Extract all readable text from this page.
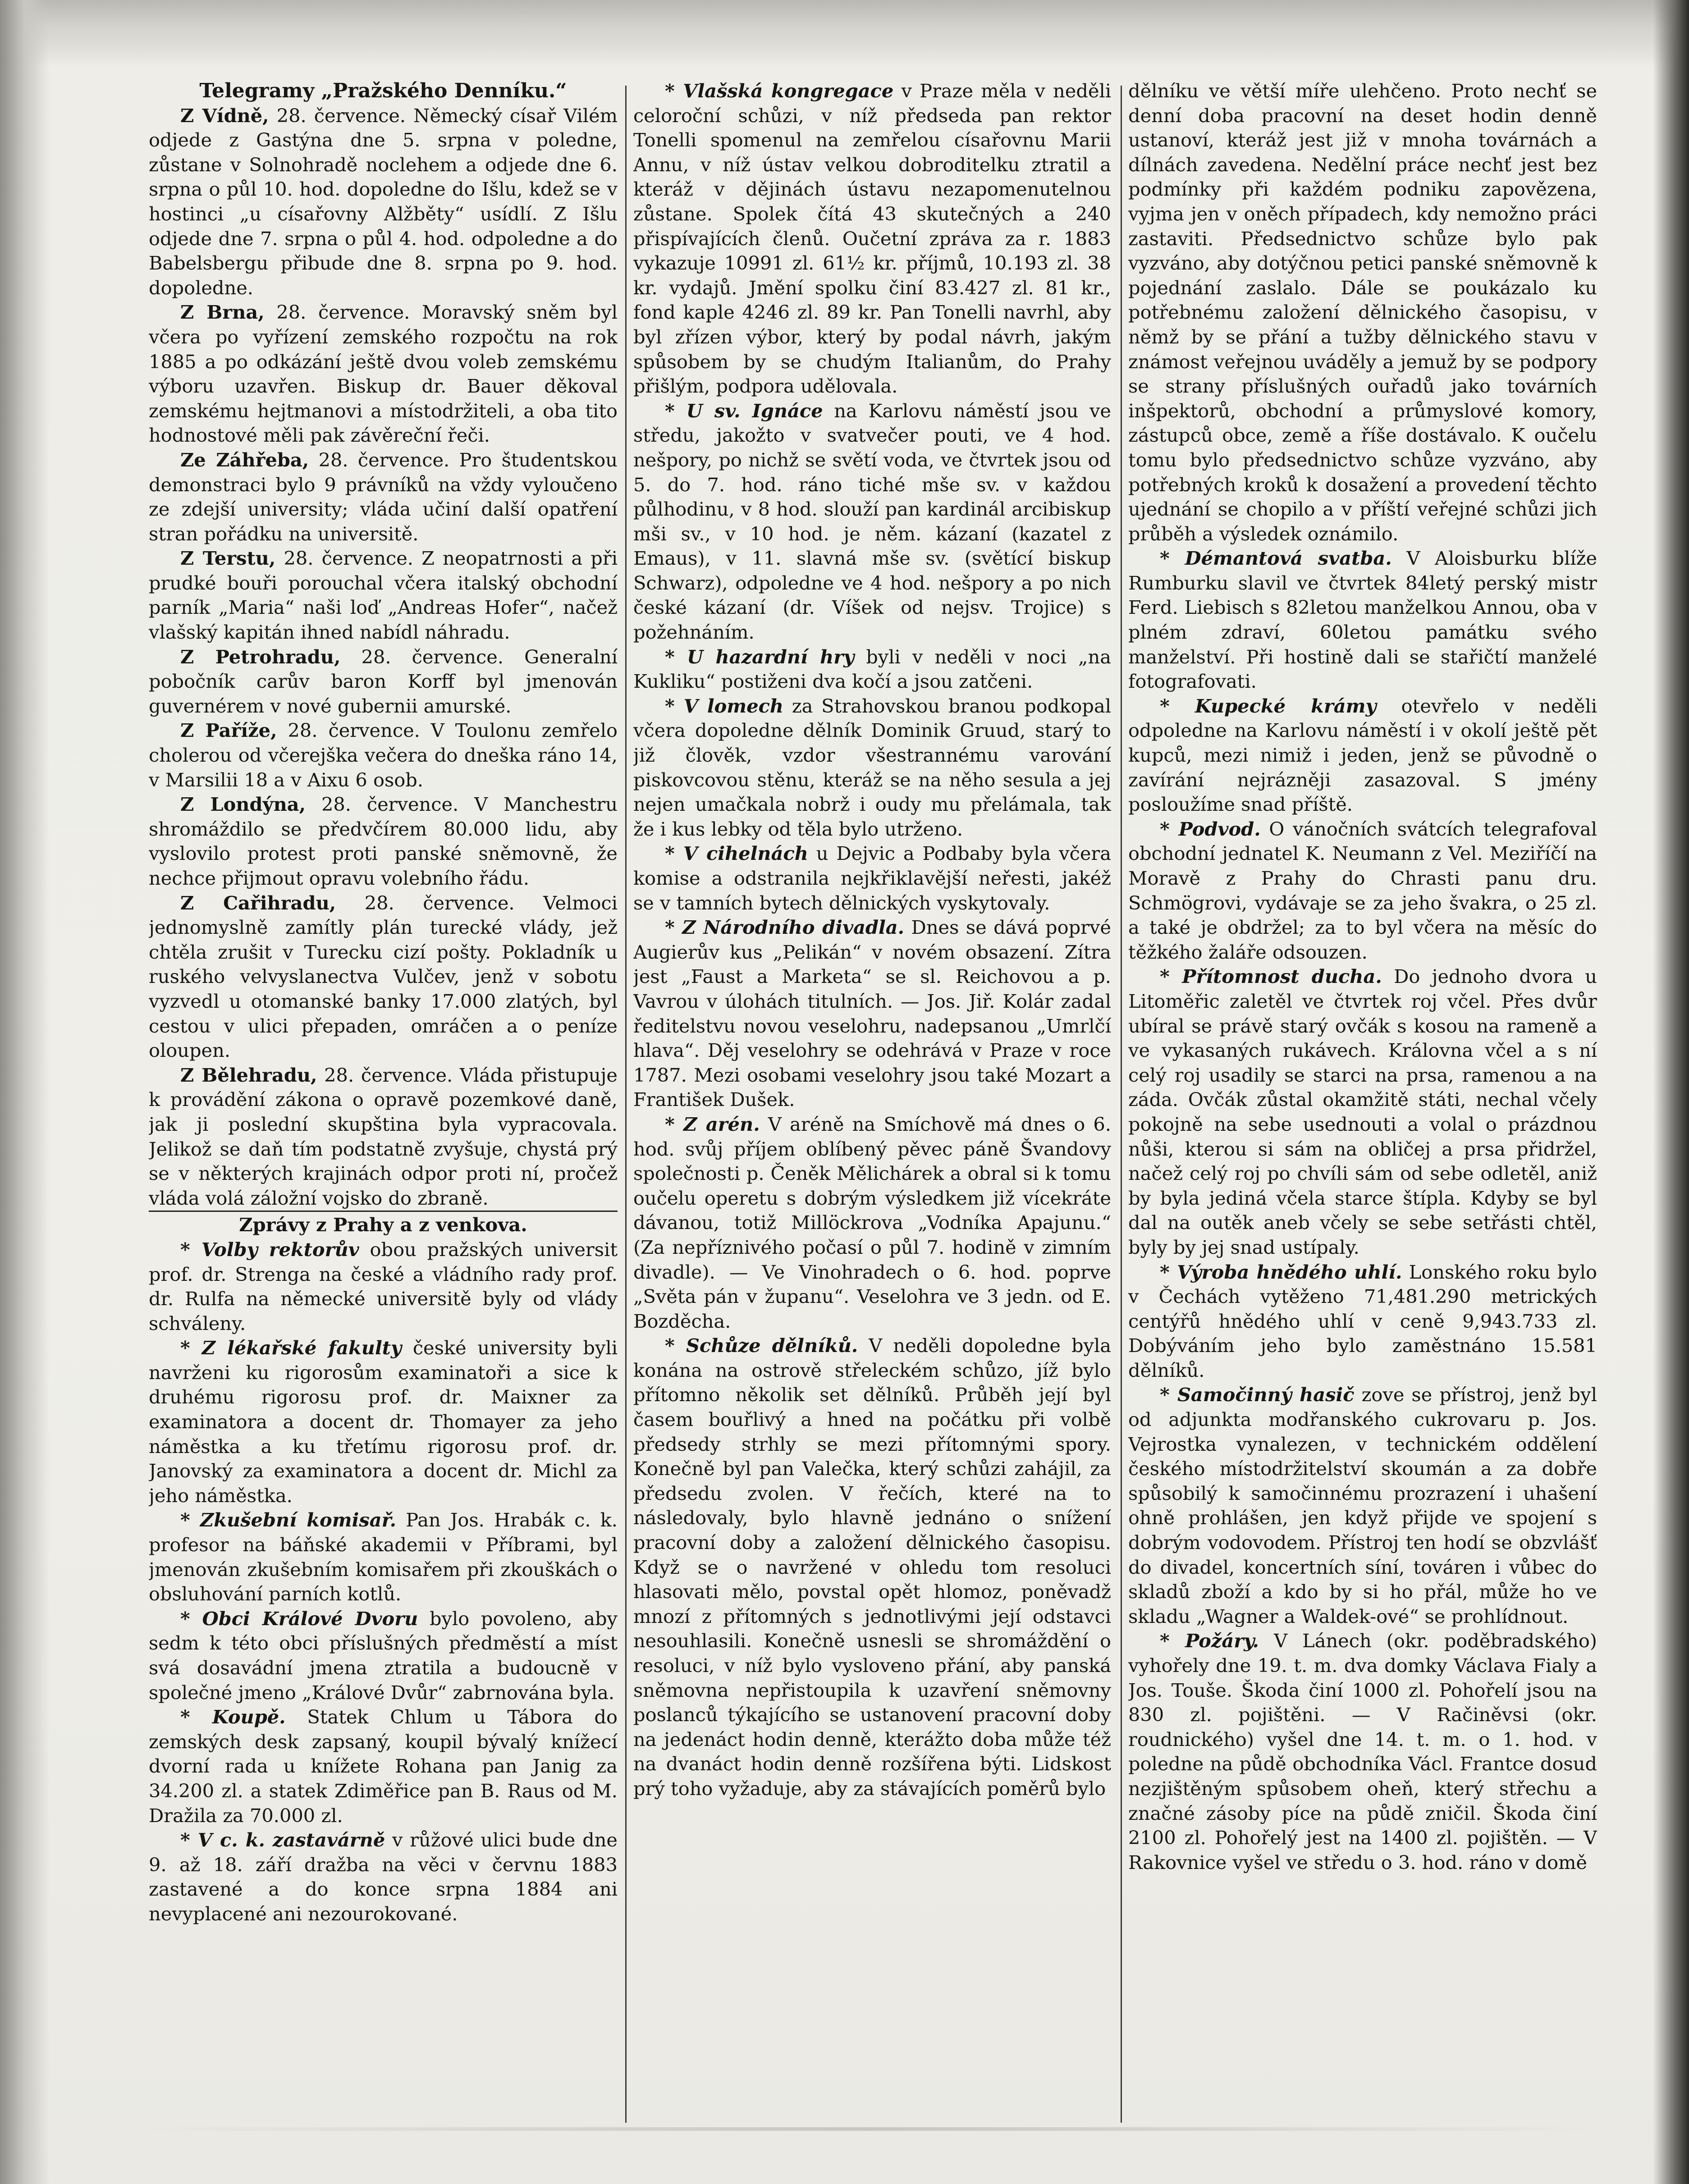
Telegramy „Pražského Denníku.“

Z Vídně, 28. července. Německý císař Vilém odjede z Gastýna dne 5. srpna v poledne, zůstane v Solnohradě noclehem a odjede dne 6. srpna o půl 10. hod. dopoledne do Išlu, kdež se v hostinci „u císařovny Alžběty“ usídlí. Z Išlu odjede dne 7. srpna o půl 4. hod. odpoledne a do Babelsbergu přibude dne 8. srpna po 9. hod. dopoledne.

Z Brna, 28. července. Moravský sněm byl včera po vyřízení zemského rozpočtu na rok 1885 a po odkázání ještě dvou voleb zemskému výboru uzavřen. Biskup dr. Bauer děkoval zemskému hejtmanovi a místodržiteli, a oba tito hodnostové měli pak závěreční řeči.

Ze Záhřeba, 28. července. Pro študentskou demonstraci bylo 9 právníků na vždy vyloučeno ze zdejší university; vláda učiní další opatření stran pořádku na universitě.

Z Terstu, 28. července. Z neopatrnosti a při prudké bouři porouchal včera italský obchodní parník „Maria“ naši loď „Andreas Hofer“, načež vlašský kapitán ihned nabídl náhradu.

Z Petrohradu, 28. července. Generalní pobočník carův baron Korff byl jmenován guvernérem v nové gubernii amurské.

Z Paříže, 28. července. V Toulonu zemřelo cholerou od včerejška večera do dneška ráno 14, v Marsilii 18 a v Aixu 6 osob.

Z Londýna, 28. července. V Manchestru shromáždilo se předvčírem 80.000 lidu, aby vyslovilo protest proti panské sněmovně, že nechce přijmout opravu volebního řádu.

Z Cařihradu, 28. července. Velmoci jednomyslně zamítly plán turecké vlády, jež chtěla zrušit v Turecku cizí pošty. Pokladník u ruského velvyslanectva Vulčev, jenž v sobotu vyzvedl u otomanské banky 17.000 zlatých, byl cestou v ulici přepaden, omráčen a o peníze oloupen.

Z Bělehradu, 28. července. Vláda přistupuje k provádění zákona o opravě pozemkové daně, jak ji poslední skupština byla vypracovala. Jelikož se daň tím podstatně zvyšuje, chystá prý se v některých krajinách odpor proti ní, pročež vláda volá záložní vojsko do zbraně.

Zprávy z Prahy a z venkova.

* Volby rektorův obou pražských universit prof. dr. Strenga na české a vládního rady prof. dr. Rulfa na německé universitě byly od vlády schváleny.

* Z lékařské fakulty české university byli navrženi ku rigorosům examinatoři a sice k druhému rigorosu prof. dr. Maixner za examinatora a docent dr. Thomayer za jeho náměstka a ku třetímu rigorosu prof. dr. Janovský za examinatora a docent dr. Michl za jeho náměstka.

* Zkušební komisař. Pan Jos. Hrabák c. k. profesor na báňské akademii v Příbrami, byl jmenován zkušebním komisařem při zkouškách o obsluhování parních kotlů.

* Obci Králové Dvoru bylo povoleno, aby sedm k této obci příslušných předměstí a míst svá dosavádní jmena ztratila a budoucně v společné jmeno „Králové Dvůr“ zabrnována byla.

* Koupě. Statek Chlum u Tábora do zemských desk zapsaný, koupil bývalý knížecí dvorní rada u knížete Rohana pan Janig za 34.200 zl. a statek Zdiměřice pan B. Raus od M. Dražila za 70.000 zl.

* V c. k. zastavárně v růžové ulici bude dne 9. až 18. září dražba na věci v červnu 1883 zastavené a do konce srpna 1884 ani nevyplacené ani nezourokované.

* Vlašská kongregace v Praze měla v neděli celoroční schůzi, v níž předseda pan rektor Tonelli spomenul na zemřelou císařovnu Marii Annu, v níž ústav velkou dobroditelku ztratil a kteráž v dějinách ústavu nezapomenutelnou zůstane. Spolek čítá 43 skutečných a 240 přispívajících členů. Oučetní zpráva za r. 1883 vykazuje 10991 zl. 61½ kr. příjmů, 10.193 zl. 38 kr. vydajů. Jmění spolku činí 83.427 zl. 81 kr., fond kaple 4246 zl. 89 kr. Pan Tonelli navrhl, aby byl zřízen výbor, který by podal návrh, jakým spůsobem by se chudým Italianům, do Prahy přišlým, podpora udělovala.

* U sv. Ignáce na Karlovu náměstí jsou ve středu, jakožto v svatvečer pouti, ve 4 hod. nešpory, po nichž se světí voda, ve čtvrtek jsou od 5. do 7. hod. ráno tiché mše sv. v každou půlhodinu, v 8 hod. slouží pan kardinál arcibiskup mši sv., v 10 hod. je něm. kázaní (kazatel z Emaus), v 11. slavná mše sv. (světící biskup Schwarz), odpoledne ve 4 hod. nešpory a po nich české kázaní (dr. Víšek od nejsv. Trojice) s požehnáním.

* U hazardní hry byli v neděli v noci „na Kukliku“ postiženi dva kočí a jsou zatčeni.

* V lomech za Strahovskou branou podkopal včera dopoledne dělník Dominik Gruud, starý to již člověk, vzdor všestrannému varování piskovcovou stěnu, kteráž se na něho sesula a jej nejen umačkala nobrž i oudy mu přelámala, tak že i kus lebky od těla bylo utrženo.

* V cihelnách u Dejvic a Podbaby byla včera komise a odstranila nejkřiklavější neřesti, jakéž se v tamních bytech dělnických vyskytovaly.

* Z Národního divadla. Dnes se dává poprvé Augierův kus „Pelikán“ v novém obsazení. Zítra jest „Faust a Marketa“ se sl. Reichovou a p. Vavrou v úlohách titulních. — Jos. Jiř. Kolár zadal ředitelstvu novou veselohru, nadepsanou „Umrlčí hlava“. Děj veselohry se odehrává v Praze v roce 1787. Mezi osobami veselohry jsou také Mozart a František Dušek.

* Z arén. V aréně na Smíchově má dnes o 6. hod. svůj příjem oblíbený pěvec páně Švandovy společnosti p. Čeněk Mělichárek a obral si k tomu oučelu operetu s dobrým výsledkem již vícekráte dávanou, totiž Millöckrova „Vodníka Apajunu.“ (Za nepříznivého počasí o půl 7. hodině v zimním divadle). — Ve Vinohradech o 6. hod. poprve „Světa pán v županu“. Veselohra ve 3 jedn. od E. Bozděcha.

* Schůze dělníků. V neděli dopoledne byla konána na ostrově střeleckém schůzo, jíž bylo přítomno několik set dělníků. Průběh její byl časem bouřlivý a hned na počátku při volbě předsedy strhly se mezi přítomnými spory. Konečně byl pan Valečka, který schůzi zahájil, za předsedu zvolen. V řečích, které na to následovaly, bylo hlavně jednáno o snížení pracovní doby a založení dělnického časopisu. Když se o navržené v ohledu tom resoluci hlasovati mělo, povstal opět hlomoz, poněvadž mnozí z přítomných s jednotlivými její odstavci nesouhlasili. Konečně usnesli se shromáždění o resoluci, v níž bylo vysloveno přání, aby panská sněmovna nepřistoupila k uzavření sněmovny poslanců týkajícího se ustanovení pracovní doby na jedenáct hodin denně, kterážto doba může též na dvanáct hodin denně rozšířena býti. Lidskost prý toho vyžaduje, aby za stávajících poměrů bylo

dělníku ve větší míře ulehčeno. Proto nechť se denní doba pracovní na deset hodin denně ustanoví, kteráž jest již v mnoha továrnách a dílnách zavedena. Nedělní práce nechť jest bez podmínky při každém podniku zapovězena, vyjma jen v oněch případech, kdy nemožno práci zastaviti. Předsednictvo schůze bylo pak vyzváno, aby dotýčnou petici panské sněmovně k pojednání zaslalo. Dále se poukázalo ku potřebnému založení dělnického časopisu, v němž by se přání a tužby dělnického stavu v známost veřejnou uváděly a jemuž by se podpory se strany příslušných ouřadů jako továrních inšpektorů, obchodní a průmyslové komory, zástupců obce, země a říše dostávalo. K oučelu tomu bylo předsednictvo schůze vyzváno, aby potřebných kroků k dosažení a provedení těchto ujednání se chopilo a v příští veřejné schůzi jich průběh a výsledek oznámilo.

* Démantová svatba. V Aloisburku blíže Rumburku slavil ve čtvrtek 84letý perský mistr Ferd. Liebisch s 82letou manželkou Annou, oba v plném zdraví, 60letou památku svého manželství. Při hostině dali se stařičtí manželé fotografovati.

* Kupecké krámy otevřelo v neděli odpoledne na Karlovu náměstí i v okolí ještě pět kupců, mezi nimiž i jeden, jenž se původně o zavírání nejrázněji zasazoval. S jmény posloužíme snad příště.

* Podvod. O vánočních svátcích telegrafoval obchodní jednatel K. Neumann z Vel. Meziříčí na Moravě z Prahy do Chrasti panu dru. Schmögrovi, vydávaje se za jeho švakra, o 25 zl. a také je obdržel; za to byl včera na měsíc do těžkého žaláře odsouzen.

* Přítomnost ducha. Do jednoho dvora u Litoměřic zaletěl ve čtvrtek roj včel. Přes dvůr ubíral se právě starý ovčák s kosou na rameně a ve vykasaných rukávech. Královna včel a s ní celý roj usadily se starci na prsa, ramenou a na záda. Ovčák zůstal okamžitě státi, nechal včely pokojně na sebe usednouti a volal o prázdnou nůši, kterou si sám na obličej a prsa přidržel, načež celý roj po chvíli sám od sebe odletěl, aniž by byla jediná včela starce štípla. Kdyby se byl dal na outěk aneb včely se sebe setřásti chtěl, byly by jej snad ustípaly.

* Výroba hnědého uhlí. Lonského roku bylo v Čechách vytěženo 71,481.290 metrických centýřů hnědého uhlí v ceně 9,943.733 zl. Dobýváním jeho bylo zaměstnáno 15.581 dělníků.

* Samočinný hasič zove se přístroj, jenž byl od adjunkta modřanského cukrovaru p. Jos. Vejrostka vynalezen, v technickém oddělení českého místodržitelství skoumán a za dobře spůsobilý k samočinnému prozrazení i uhašení ohně prohlášen, jen když přijde ve spojení s dobrým vodovodem. Přístroj ten hodí se obzvlášť do divadel, koncertních síní, továren i vůbec do skladů zboží a kdo by si ho přál, může ho ve skladu „Wagner a Waldek-ové“ se prohlídnout.

* Požáry. V Lánech (okr. poděbradského) vyhořely dne 19. t. m. dva domky Václava Fialy a Jos. Touše. Škoda činí 1000 zl. Pohořelí jsou na 830 zl. pojištěni. — V Račiněvsi (okr. roudnického) vyšel dne 14. t. m. o 1. hod. v poledne na půdě obchodníka Václ. Frantce dosud nezjištěným spůsobem oheň, který střechu a značné zásoby píce na půdě zničil. Škoda činí 2100 zl. Pohořelý jest na 1400 zl. pojištěn. — V Rakovnice vyšel ve středu o 3. hod. ráno v domě
